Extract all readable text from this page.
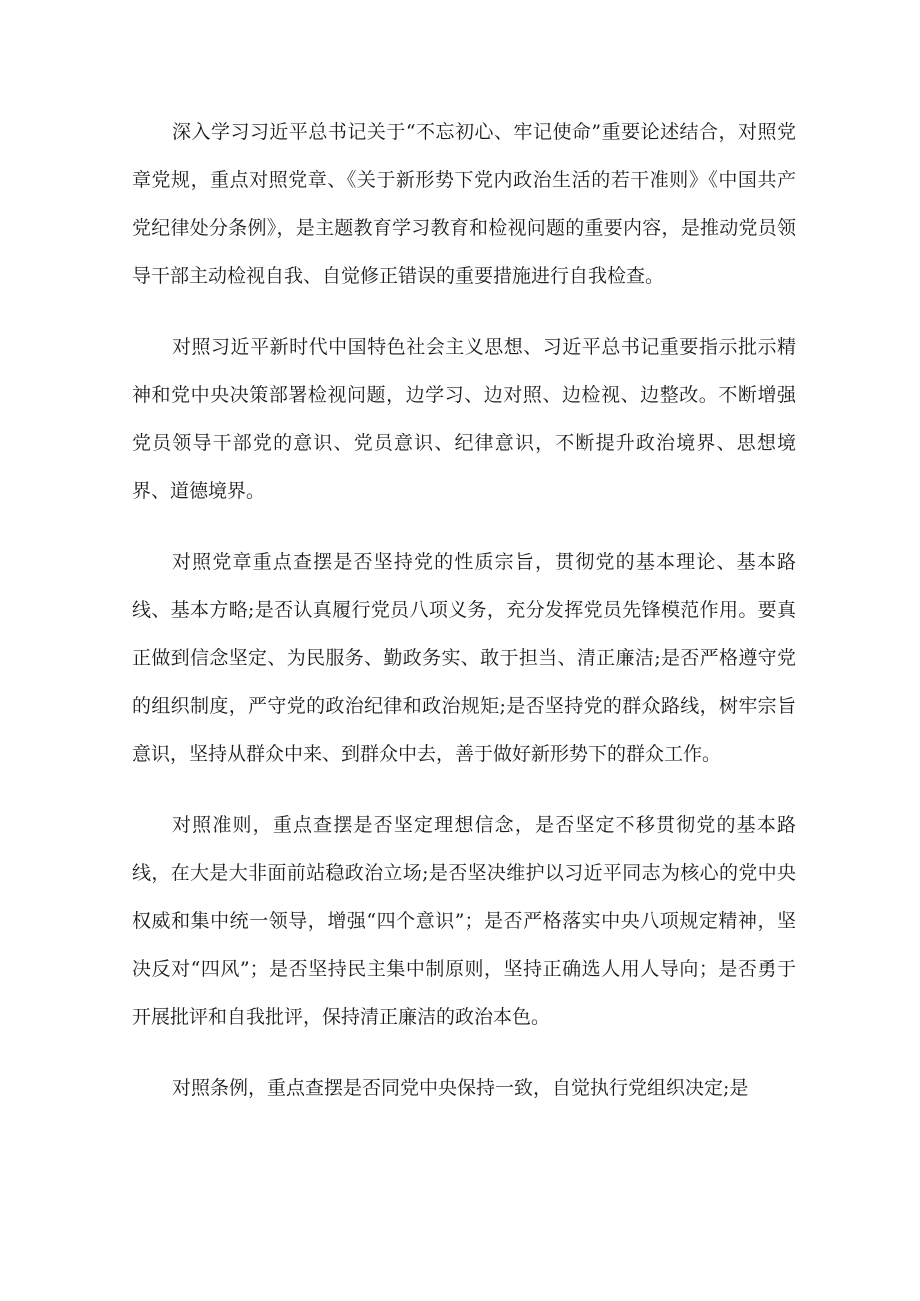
深入学习习近平总书记关于“不忘初心、牢记使命”重要论述结合，对照党章党规，重点对照党章、《关于新形势下党内政治生活的若干准则》《中国共产党纪律处分条例》，是主题教育学习教育和检视问题的重要内容，是推动党员领导干部主动检视自我、自觉修正错误的重要措施进行自我检查。

对照习近平新时代中国特色社会主义思想、习近平总书记重要指示批示精神和党中央决策部署检视问题，边学习、边对照、边检视、边整改。不断增强党员领导干部党的意识、党员意识、纪律意识，不断提升政治境界、思想境界、道德境界。

对照党章重点查摆是否坚持党的性质宗旨，贯彻党的基本理论、基本路线、基本方略;是否认真履行党员八项义务，充分发挥党员先锋模范作用。要真正做到信念坚定、为民服务、勤政务实、敢于担当、清正廉洁;是否严格遵守党的组织制度，严守党的政治纪律和政治规矩;是否坚持党的群众路线，树牢宗旨意识，坚持从群众中来、到群众中去，善于做好新形势下的群众工作。

对照准则，重点查摆是否坚定理想信念，是否坚定不移贯彻党的基本路线，在大是大非面前站稳政治立场;是否坚决维护以习近平同志为核心的党中央权威和集中统一领导，增强“四个意识”；是否严格落实中央八项规定精神，坚决反对“四风”；是否坚持民主集中制原则，坚持正确选人用人导向；是否勇于开展批评和自我批评，保持清正廉洁的政治本色。

对照条例，重点查摆是否同党中央保持一致，自觉执行党组织决定;是
